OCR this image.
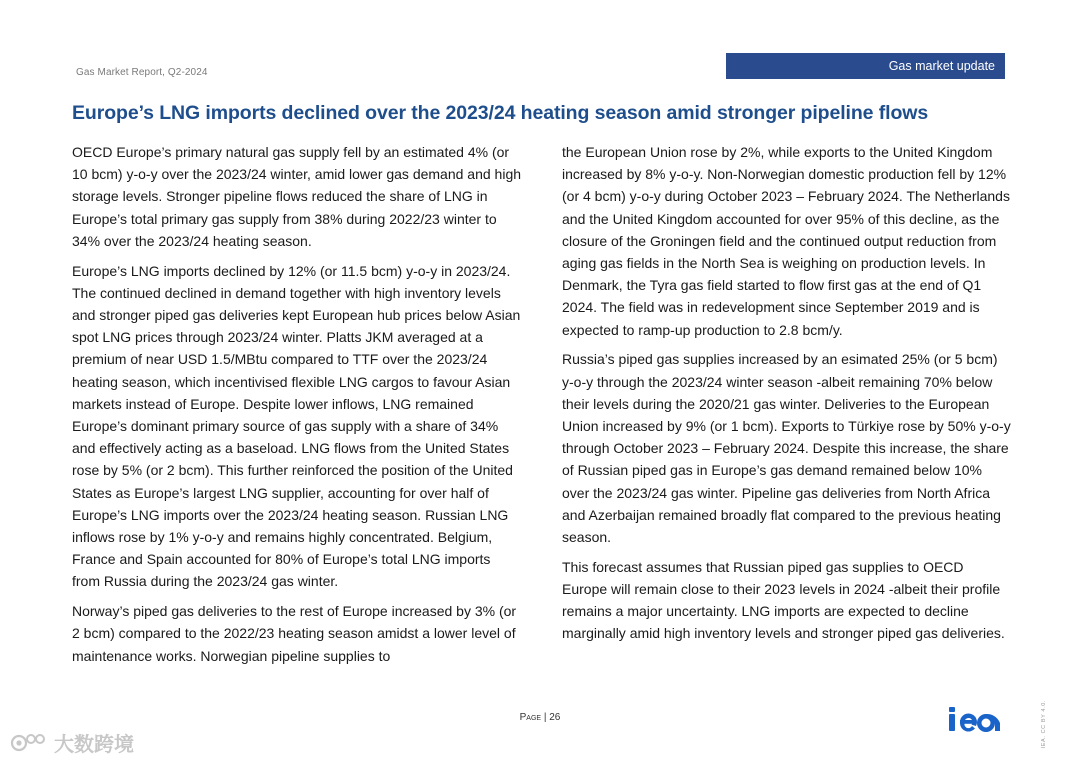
Gas Market Report, Q2-2024	Gas market update
Europe’s LNG imports declined over the 2023/24 heating season amid stronger pipeline flows

OECD Europe’s primary natural gas supply fell by an estimated 4% (or 10 bcm) y-o-y over the 2023/24 winter, amid lower gas demand and high storage levels. Stronger pipeline flows reduced the share of LNG in Europe’s total primary gas supply from 38% during 2022/23 winter to 34% over the 2023/24 heating season.

Europe’s LNG imports declined by 12% (or 11.5 bcm) y-o-y in 2023/24. The continued declined in demand together with high inventory levels and stronger piped gas deliveries kept European hub prices below Asian spot LNG prices through 2023/24 winter. Platts JKM averaged at a premium of near USD 1.5/MBtu compared to TTF over the 2023/24 heating season, which incentivised flexible LNG cargos to favour Asian markets instead of Europe. Despite lower inflows, LNG remained Europe’s dominant primary source of gas supply with a share of 34% and effectively acting as a baseload. LNG flows from the United States rose by 5% (or 2 bcm). This further reinforced the position of the United States as Europe’s largest LNG supplier, accounting for over half of Europe’s LNG imports over the 2023/24 heating season. Russian LNG inflows rose by 1% y-o-y and remains highly concentrated. Belgium, France and Spain accounted for 80% of Europe’s total LNG imports from Russia during the 2023/24 gas winter.

Norway’s piped gas deliveries to the rest of Europe increased by 3% (or 2 bcm) compared to the 2022/23 heating season amidst a lower level of maintenance works. Norwegian pipeline supplies to

the European Union rose by 2%, while exports to the United Kingdom increased by 8% y-o-y. Non-Norwegian domestic production fell by 12% (or 4 bcm) y-o-y during October 2023 – February 2024. The Netherlands and the United Kingdom accounted for over 95% of this decline, as the closure of the Groningen field and the continued output reduction from aging gas fields in the North Sea is weighing on production levels. In Denmark, the Tyra gas field started to flow first gas at the end of Q1 2024. The field was in redevelopment since September 2019 and is expected to ramp-up production to 2.8 bcm/y.

Russia’s piped gas supplies increased by an esimated 25% (or 5 bcm) y-o-y through the 2023/24 winter season -albeit remaining 70% below their levels during the 2020/21 gas winter. Deliveries to the European Union increased by 9% (or 1 bcm). Exports to Türkiye rose by 50% y-o-y through October 2023 – February 2024. Despite this increase, the share of Russian piped gas in Europe’s gas demand remained below 10% over the 2023/24 gas winter. Pipeline gas deliveries from North Africa and Azerbaijan remained broadly flat compared to the previous heating season.

This forecast assumes that Russian piped gas supplies to OECD Europe will remain close to their 2023 levels in 2024 -albeit their profile remains a major uncertainty. LNG imports are expected to decline marginally amid high inventory levels and stronger piped gas deliveries.

Page | 26	IEA. CC BY 4.0.
大数跨境
